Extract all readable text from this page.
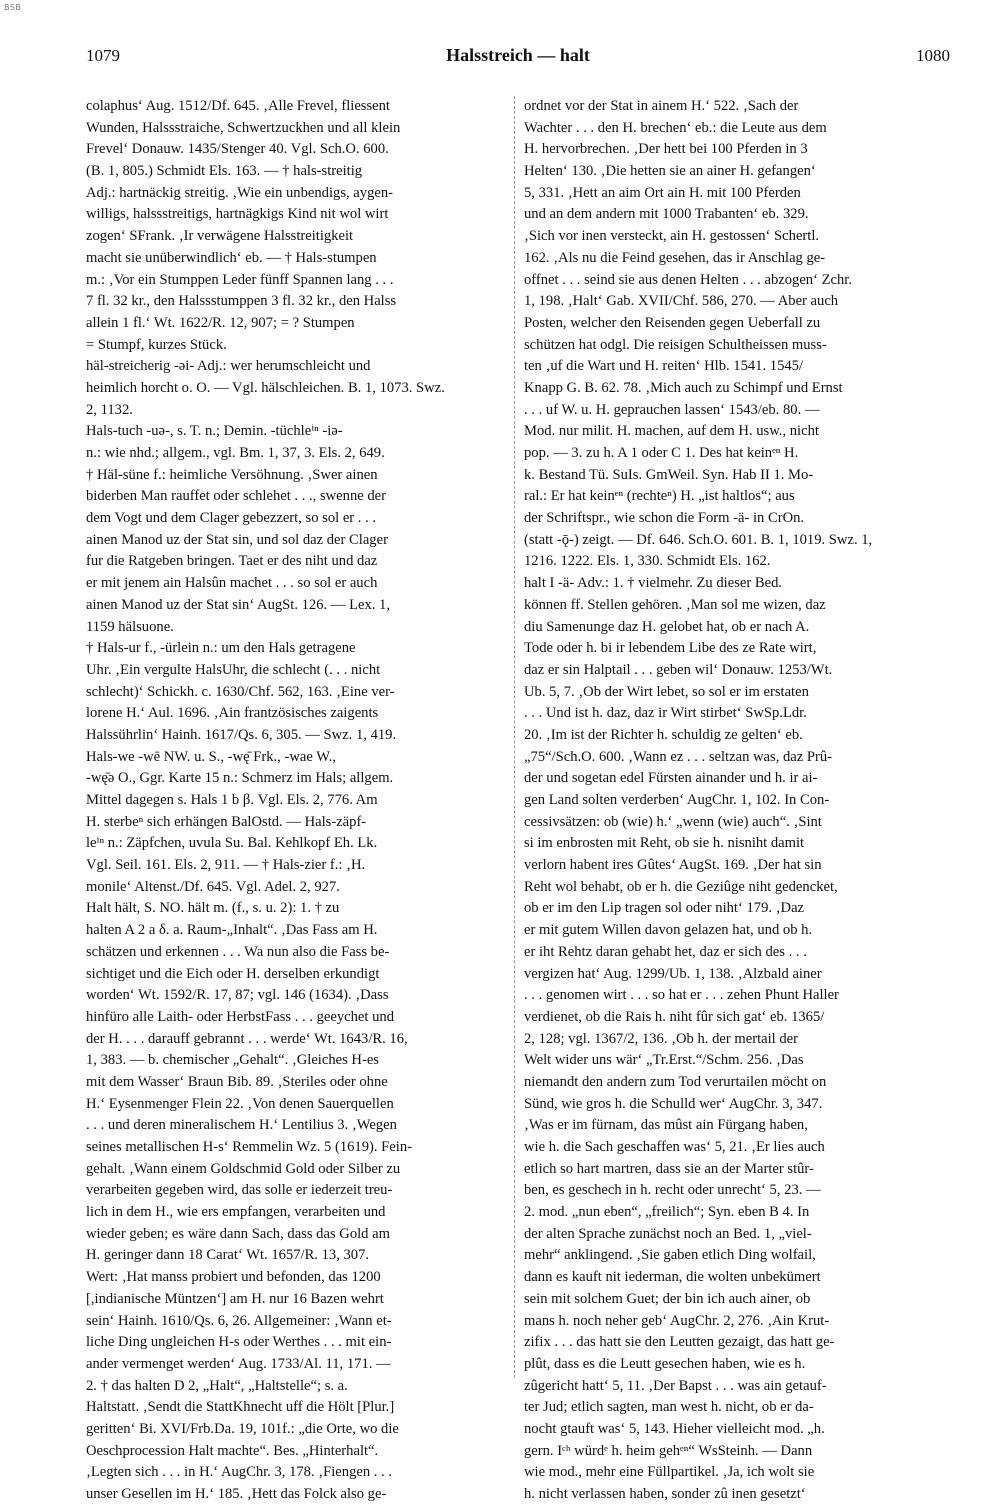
BSB
1079	Halsstreich — halt	1080
colaphus‘ Aug. 1512/Df. 645. ‚Alle Frevel, fliessent
Wunden, Halssstraiche, Schwertzuckhen und all klein
Frevel‘ Donauw. 1435/Stenger 40. Vgl. Sch.O. 600.
(B. 1, 805.) Schmidt Els. 163. — † hals-streitig
Adj.: hartnäckig streitig. ‚Wie ein unbendigs, aygen-
willigs, halssstreitigs, hartnägkigs Kind nit wol wirt
zogen‘ SFrank. ‚Ir verwägene Halsstreitigkeit
macht sie unüberwindlich‘ eb. — † Hals-stumpen
m.: ‚Vor ein Stumppen Leder fünff Spannen lang . . .
7 fl. 32 kr., den Halssstumppen 3 fl. 32 kr., den Halss
allein 1 fl.‘ Wt. 1622/R. 12, 907; = ? Stumpen
= Stumpf, kurzes Stück.
häl-streicherig -əi- Adj.: wer herumschleicht und
heimlich horcht o. O. — Vgl. hälschleichen. B. 1, 1073. Swz.
2, 1132.
Hals-tuch -uə-, s. T. n.; Demin. -tüchleⁱⁿ -iə-
n.: wie nhd.; allgem., vgl. Bm. 1, 37, 3. Els. 2, 649.
† Häl-süne f.: heimliche Versöhnung. ‚Swer ainen
biderben Man rauffet oder schlehet . . ., swenne der
dem Vogt und dem Clager gebezzert, so sol er . . .
ainen Manod uz der Stat sin, und sol daz der Clager
fur die Ratgeben bringen. Taet er des niht und daz
er mit jenem ain Halsûn machet . . . so sol er auch
ainen Manod uz der Stat sin‘ AugSt. 126. — Lex. 1,
1159 hälsuone.
† Hals-ur f., -ürlein n.: um den Hals getragene
Uhr. ‚Ein vergulte HalsUhr, die schlecht (. . . nicht
schlecht)‘ Schickh. c. 1630/Chf. 562, 163. ‚Eine ver-
lorene H.‘ Aul. 1696. ‚Ain frantzösisches zaigents
Halssührlin‘ Hainh. 1617/Qs. 6, 305. — Swz. 1, 419.
Hals-we -wē NW. u. S., -wę̄ Frk., -wae W.,
-wę̄ə O., Ggr. Karte 15 n.: Schmerz im Hals; allgem.
Mittel dagegen s. Hals 1 b β. Vgl. Els. 2, 776. Am
H. sterbeⁿ sich erhängen BalOstd. — Hals-zäpf-
leⁱⁿ n.: Zäpfchen, uvula Su. Bal. Kehlkopf Eh. Lk.
Vgl. Seil. 161. Els. 2, 911. — † Hals-zier f.: ‚H.
monile‘ Altenst./Df. 645. Vgl. Adel. 2, 927.
Halt hält, S. NO. hält m. (f., s. u. 2): 1. † zu
halten A 2 a δ. a. Raum-„Inhalt“. ‚Das Fass am H.
schätzen und erkennen . . . Wa nun also die Fass be-
sichtiget und die Eich oder H. derselben erkundigt
worden‘ Wt. 1592/R. 17, 87; vgl. 146 (1634). ‚Dass
hinfüro alle Laith- oder HerbstFass . . . geeychet und
der H. . . . darauff gebrannt . . . werde‘ Wt. 1643/R. 16,
1, 383. — b. chemischer „Gehalt“. ‚Gleiches H-es
mit dem Wasser‘ Braun Bib. 89. ‚Steriles oder ohne
H.‘ Eysenmenger Flein 22. ‚Von denen Sauerquellen
. . . und deren mineralischem H.‘ Lentilius 3. ‚Wegen
seines metallischen H-s‘ Remmelin Wz. 5 (1619). Fein-
gehalt. ‚Wann einem Goldschmid Gold oder Silber zu
verarbeiten gegeben wird, das solle er iederzeit treu-
lich in dem H., wie ers empfangen, verarbeiten und
wieder geben; es wäre dann Sach, dass das Gold am
H. geringer dann 18 Carat‘ Wt. 1657/R. 13, 307.
Wert: ‚Hat manss probiert und befonden, das 1200
[,indianische Müntzen‘] am H. nur 16 Bazen wehrt
sein‘ Hainh. 1610/Qs. 6, 26. Allgemeiner: ‚Wann et-
liche Ding ungleichen H-s oder Werthes . . . mit ein-
ander vermenget werden‘ Aug. 1733/Al. 11, 171. —
2. † das halten D 2, „Halt“, „Haltstelle“; s. a.
Haltstatt. ‚Sendt die StattKhnecht uff die Hölt [Plur.]
geritten‘ Bi. XVI/Frb.Da. 19, 101f.: „die Orte, wo die
Oeschprocession Halt machte“. Bes. „Hinterhalt“.
‚Legten sich . . . in H.‘ AugChr. 3, 178. ‚Fiengen . . .
unser Gesellen im H.‘ 185. ‚Hett das Folck also ge-
ordnet vor der Stat in ainem H.‘ 522. ‚Sach der
Wachter . . . den H. brechen‘ eb.: die Leute aus dem
H. hervorbrechen. ‚Der hett bei 100 Pferden in 3
Helten‘ 130. ‚Die hetten sie an ainer H. gefangen‘
5, 331. ‚Hett an aim Ort ain H. mit 100 Pferden
und an dem andern mit 1000 Trabanten‘ eb. 329.
‚Sich vor inen versteckt, ain H. gestossen‘ Schertl.
162. ‚Als nu die Feind gesehen, das ir Anschlag ge-
offnet . . . seind sie aus denen Helten . . . abzogen‘ Zchr.
1, 198. ‚Halt‘ Gab. XVII/Chf. 586, 270. — Aber auch
Posten, welcher den Reisenden gegen Ueberfall zu
schützen hat odgl. Die reisigen Schultheissen muss-
ten ‚uf die Wart und H. reiten‘ Hlb. 1541. 1545/
Knapp G. B. 62. 78. ‚Mich auch zu Schimpf und Ernst
. . . uf W. u. H. geprauchen lassen‘ 1543/eb. 80. —
Mod. nur milit. H. machen, auf dem H. usw., nicht
pop. — 3. zu h. A 1 oder C 1. Des hat keinᵉⁿ H.
k. Bestand Tü. SuIs. GmWeil. Syn. Hab II 1. Mo-
ral.: Er hat keinᵉⁿ (rechteⁿ) H. „ist haltlos“; aus
der Schriftspr., wie schon die Form -ä- in CrOn.
(statt -ǭ-) zeigt. — Df. 646. Sch.O. 601. B. 1, 1019. Swz. 1,
1216. 1222. Els. 1, 330. Schmidt Els. 162.
halt I -ä- Adv.: 1. † vielmehr. Zu dieser Bed.
können ff. Stellen gehören. ‚Man sol me wizen, daz
diu Samenunge daz H. gelobet hat, ob er nach A.
Tode oder h. bi ir lebendem Libe des ze Rate wirt,
daz er sin Halptail . . . geben wil‘ Donauw. 1253/Wt.
Ub. 5, 7. ‚Ob der Wirt lebet, so sol er im erstaten
. . . Und ist h. daz, daz ir Wirt stirbet‘ SwSp.Ldr.
20. ‚Im ist der Richter h. schuldig ze gelten‘ eb.
„75“/Sch.O. 600. ‚Wann ez . . . seltzan was, daz Prû-
der und sogetan edel Fürsten ainander und h. ir ai-
gen Land solten verderben‘ AugChr. 1, 102. In Con-
cessivsätzen: ob (wie) h.‘ „wenn (wie) auch“. ‚Sint
si im enbrosten mit Reht, ob sie h. nisniht damit
verlorn habent ires Gûtes‘ AugSt. 169. ‚Der hat sin
Reht wol behabt, ob er h. die Geziûge niht gedencket,
ob er im den Lip tragen sol oder niht‘ 179. ‚Daz
er mit gutem Willen davon gelazen hat, und ob h.
er iht Rehtz daran gehabt het, daz er sich des . . .
vergizen hat‘ Aug. 1299/Ub. 1, 138. ‚Alzbald ainer
. . . genomen wirt . . . so hat er . . . zehen Phunt Haller
verdienet, ob die Rais h. niht fûr sich gat‘ eb. 1365/
2, 128; vgl. 1367/2, 136. ‚Ob h. der mertail der
Welt wider uns wär‘ „Tr.Erst.“/Schm. 256. ‚Das
niemandt den andern zum Tod verurtailen möcht on
Sünd, wie gros h. die Schulld wer‘ AugChr. 3, 347.
‚Was er im fürnam, das mûst ain Fürgang haben,
wie h. die Sach geschaffen was‘ 5, 21. ‚Er lies auch
etlich so hart martren, dass sie an der Marter stûr-
ben, es geschech in h. recht oder unrecht‘ 5, 23. —
2. mod. „nun eben“, „freilich“; Syn. eben B 4. In
der alten Sprache zunächst noch an Bed. 1, „viel-
mehr“ anklingend. ‚Sie gaben etlich Ding wolfail,
dann es kauft nit iederman, die wolten unbekümert
sein mit solchem Guet; der bin ich auch ainer, ob
mans h. noch neher geb‘ AugChr. 2, 276. ‚Ain Krut-
zifix . . . das hatt sie den Leutten gezaigt, das hatt ge-
plût, dass es die Leutt gesechen haben, wie es h.
zûgericht hatt‘ 5, 11. ‚Der Bapst . . . was ain getauf-
ter Jud; etlich sagten, man west h. nicht, ob er da-
nocht gtauft was‘ 5, 143. Hieher vielleicht mod. „h.
gern. Iᶜʰ würdᵉ h. heim gehᵉⁿ“ WsSteinh. — Dann
wie mod., mehr eine Füllpartikel. ‚Ja, ich wolt sie
h. nicht verlassen haben, sonder zû inen gesetzt‘
